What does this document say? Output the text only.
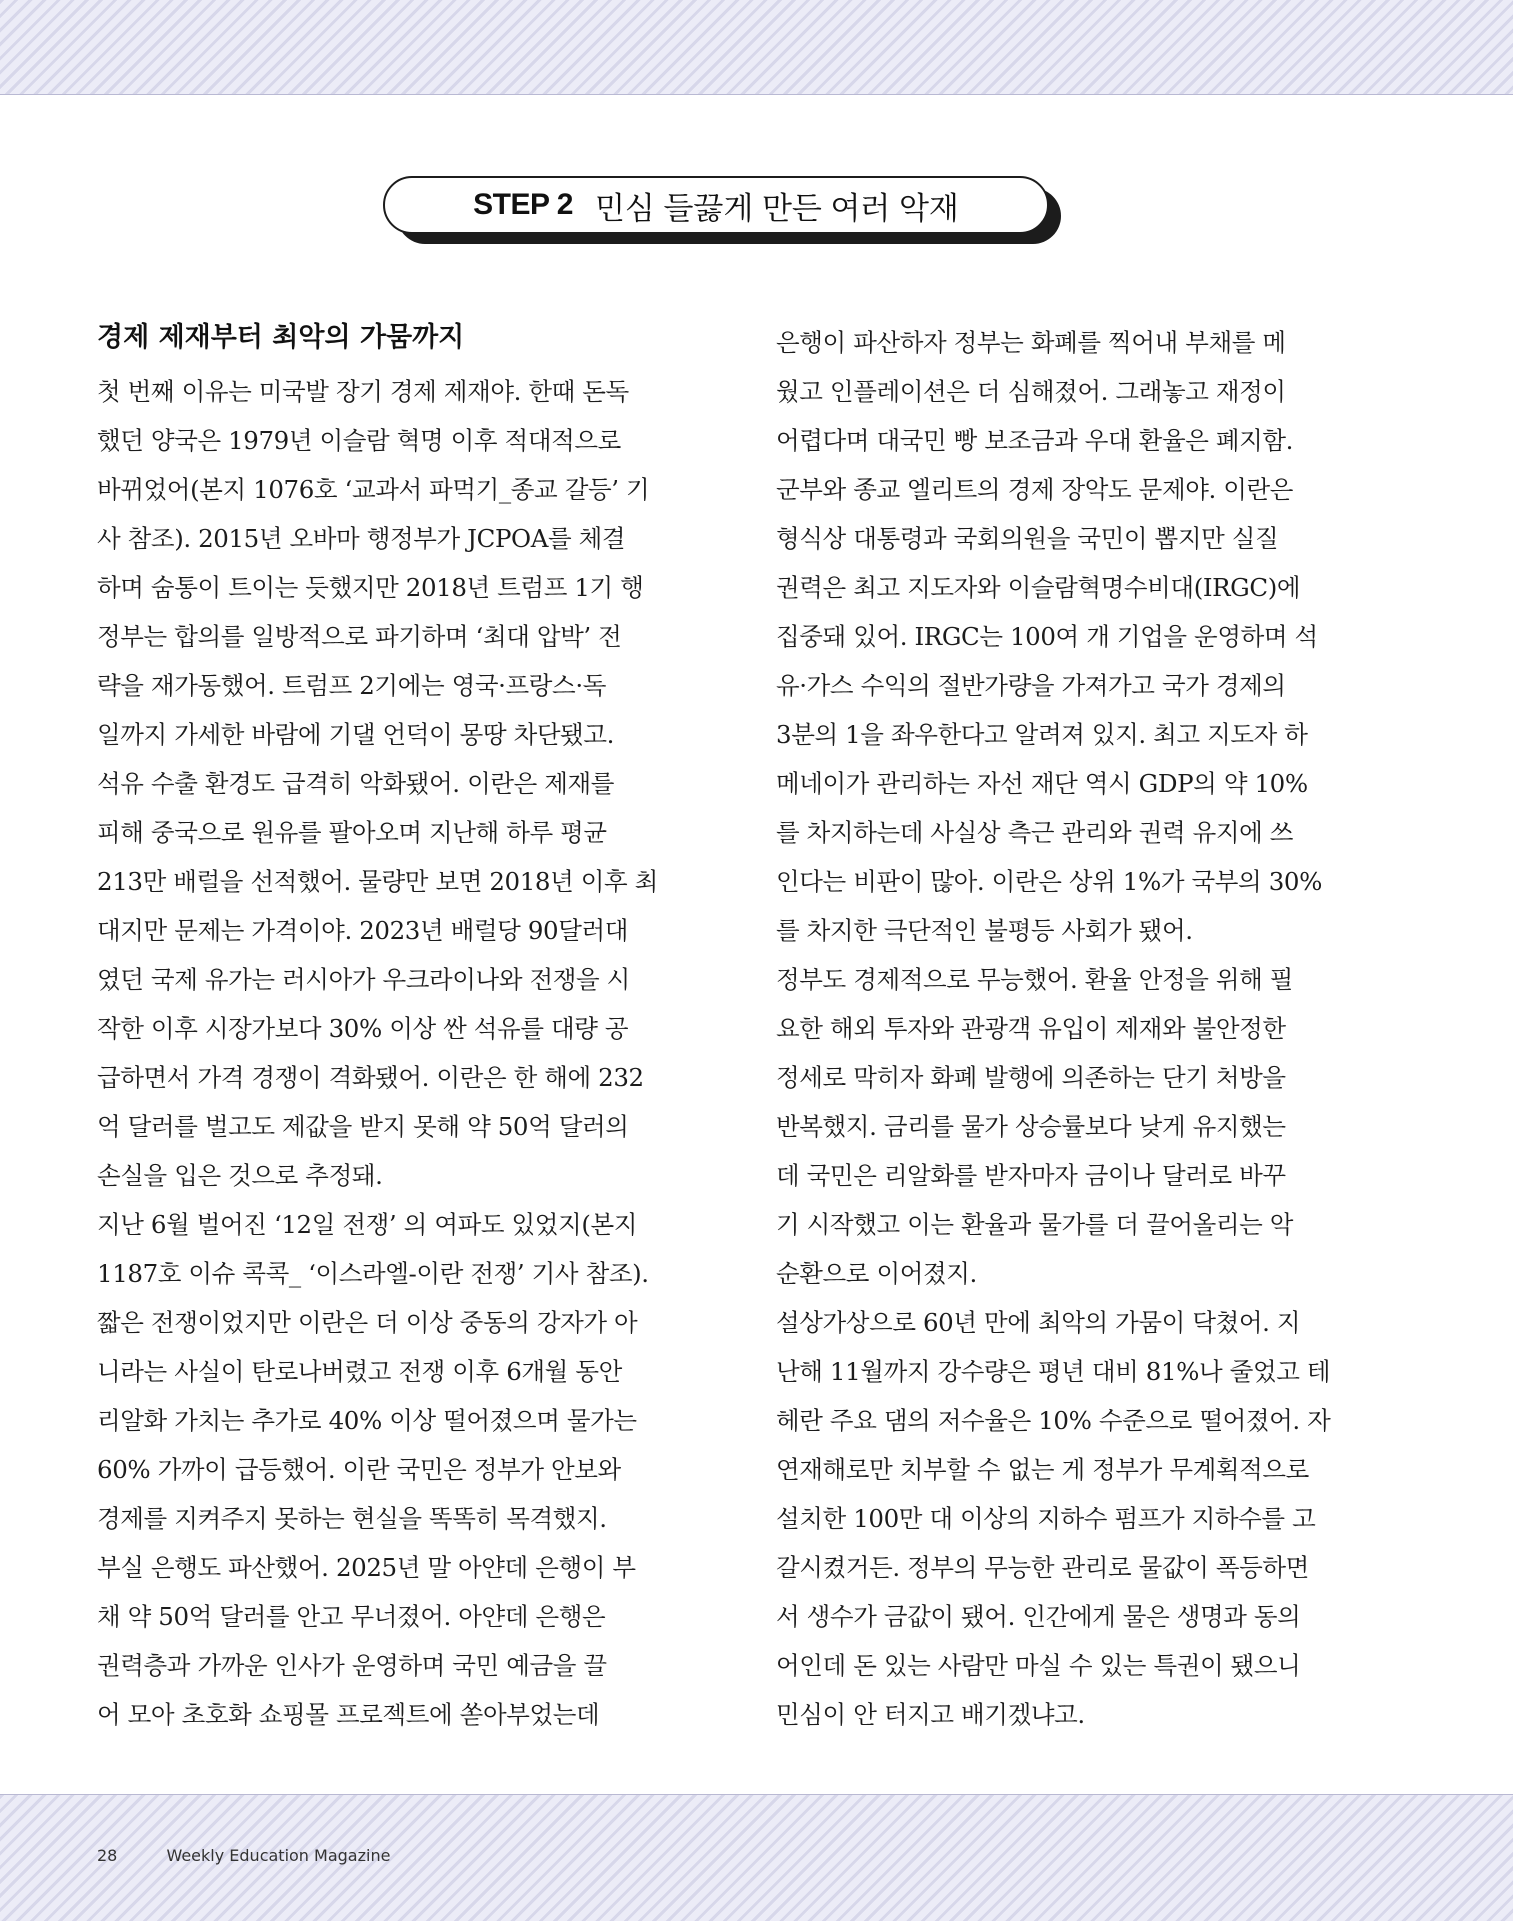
STEP 2 민심 들끓게 만든 여러 악재
경제 제재부터 최악의 가뭄까지
첫 번째 이유는 미국발 장기 경제 제재야. 한때 돈독
했던 양국은 1979년 이슬람 혁명 이후 적대적으로
바뀌었어(본지 1076호 ‘교과서 파먹기_종교 갈등’ 기
사 참조). 2015년 오바마 행정부가 JCPOA를 체결
하며 숨통이 트이는 듯했지만 2018년 트럼프 1기 행
정부는 합의를 일방적으로 파기하며 ‘최대 압박’ 전
략을 재가동했어. 트럼프 2기에는 영국·프랑스·독
일까지 가세한 바람에 기댈 언덕이 몽땅 차단됐고.
석유 수출 환경도 급격히 악화됐어. 이란은 제재를
피해 중국으로 원유를 팔아오며 지난해 하루 평균
213만 배럴을 선적했어. 물량만 보면 2018년 이후 최
대지만 문제는 가격이야. 2023년 배럴당 90달러대
였던 국제 유가는 러시아가 우크라이나와 전쟁을 시
작한 이후 시장가보다 30% 이상 싼 석유를 대량 공
급하면서 가격 경쟁이 격화됐어. 이란은 한 해에 232
억 달러를 벌고도 제값을 받지 못해 약 50억 달러의
손실을 입은 것으로 추정돼.
지난 6월 벌어진 ‘12일 전쟁’ 의 여파도 있었지(본지
1187호 이슈 콕콕_ ‘이스라엘-이란 전쟁’ 기사 참조).
짧은 전쟁이었지만 이란은 더 이상 중동의 강자가 아
니라는 사실이 탄로나버렸고 전쟁 이후 6개월 동안
리알화 가치는 추가로 40% 이상 떨어졌으며 물가는
60% 가까이 급등했어. 이란 국민은 정부가 안보와
경제를 지켜주지 못하는 현실을 똑똑히 목격했지.
부실 은행도 파산했어. 2025년 말 아얀데 은행이 부
채 약 50억 달러를 안고 무너졌어. 아얀데 은행은
권력층과 가까운 인사가 운영하며 국민 예금을 끌
어 모아 초호화 쇼핑몰 프로젝트에 쏟아부었는데
은행이 파산하자 정부는 화폐를 찍어내 부채를 메
웠고 인플레이션은 더 심해졌어. 그래놓고 재정이
어렵다며 대국민 빵 보조금과 우대 환율은 폐지함.
군부와 종교 엘리트의 경제 장악도 문제야. 이란은
형식상 대통령과 국회의원을 국민이 뽑지만 실질
권력은 최고 지도자와 이슬람혁명수비대(IRGC)에
집중돼 있어. IRGC는 100여 개 기업을 운영하며 석
유·가스 수익의 절반가량을 가져가고 국가 경제의
3분의 1을 좌우한다고 알려져 있지. 최고 지도자 하
메네이가 관리하는 자선 재단 역시 GDP의 약 10%
를 차지하는데 사실상 측근 관리와 권력 유지에 쓰
인다는 비판이 많아. 이란은 상위 1%가 국부의 30%
를 차지한 극단적인 불평등 사회가 됐어.
정부도 경제적으로 무능했어. 환율 안정을 위해 필
요한 해외 투자와 관광객 유입이 제재와 불안정한
정세로 막히자 화폐 발행에 의존하는 단기 처방을
반복했지. 금리를 물가 상승률보다 낮게 유지했는
데 국민은 리알화를 받자마자 금이나 달러로 바꾸
기 시작했고 이는 환율과 물가를 더 끌어올리는 악
순환으로 이어졌지.
설상가상으로 60년 만에 최악의 가뭄이 닥쳤어. 지
난해 11월까지 강수량은 평년 대비 81%나 줄었고 테
헤란 주요 댐의 저수율은 10% 수준으로 떨어졌어. 자
연재해로만 치부할 수 없는 게 정부가 무계획적으로
설치한 100만 대 이상의 지하수 펌프가 지하수를 고
갈시켰거든. 정부의 무능한 관리로 물값이 폭등하면
서 생수가 금값이 됐어. 인간에게 물은 생명과 동의
어인데 돈 있는 사람만 마실 수 있는 특권이 됐으니
민심이 안 터지고 배기겠냐고.
28	Weekly Education Magazine
